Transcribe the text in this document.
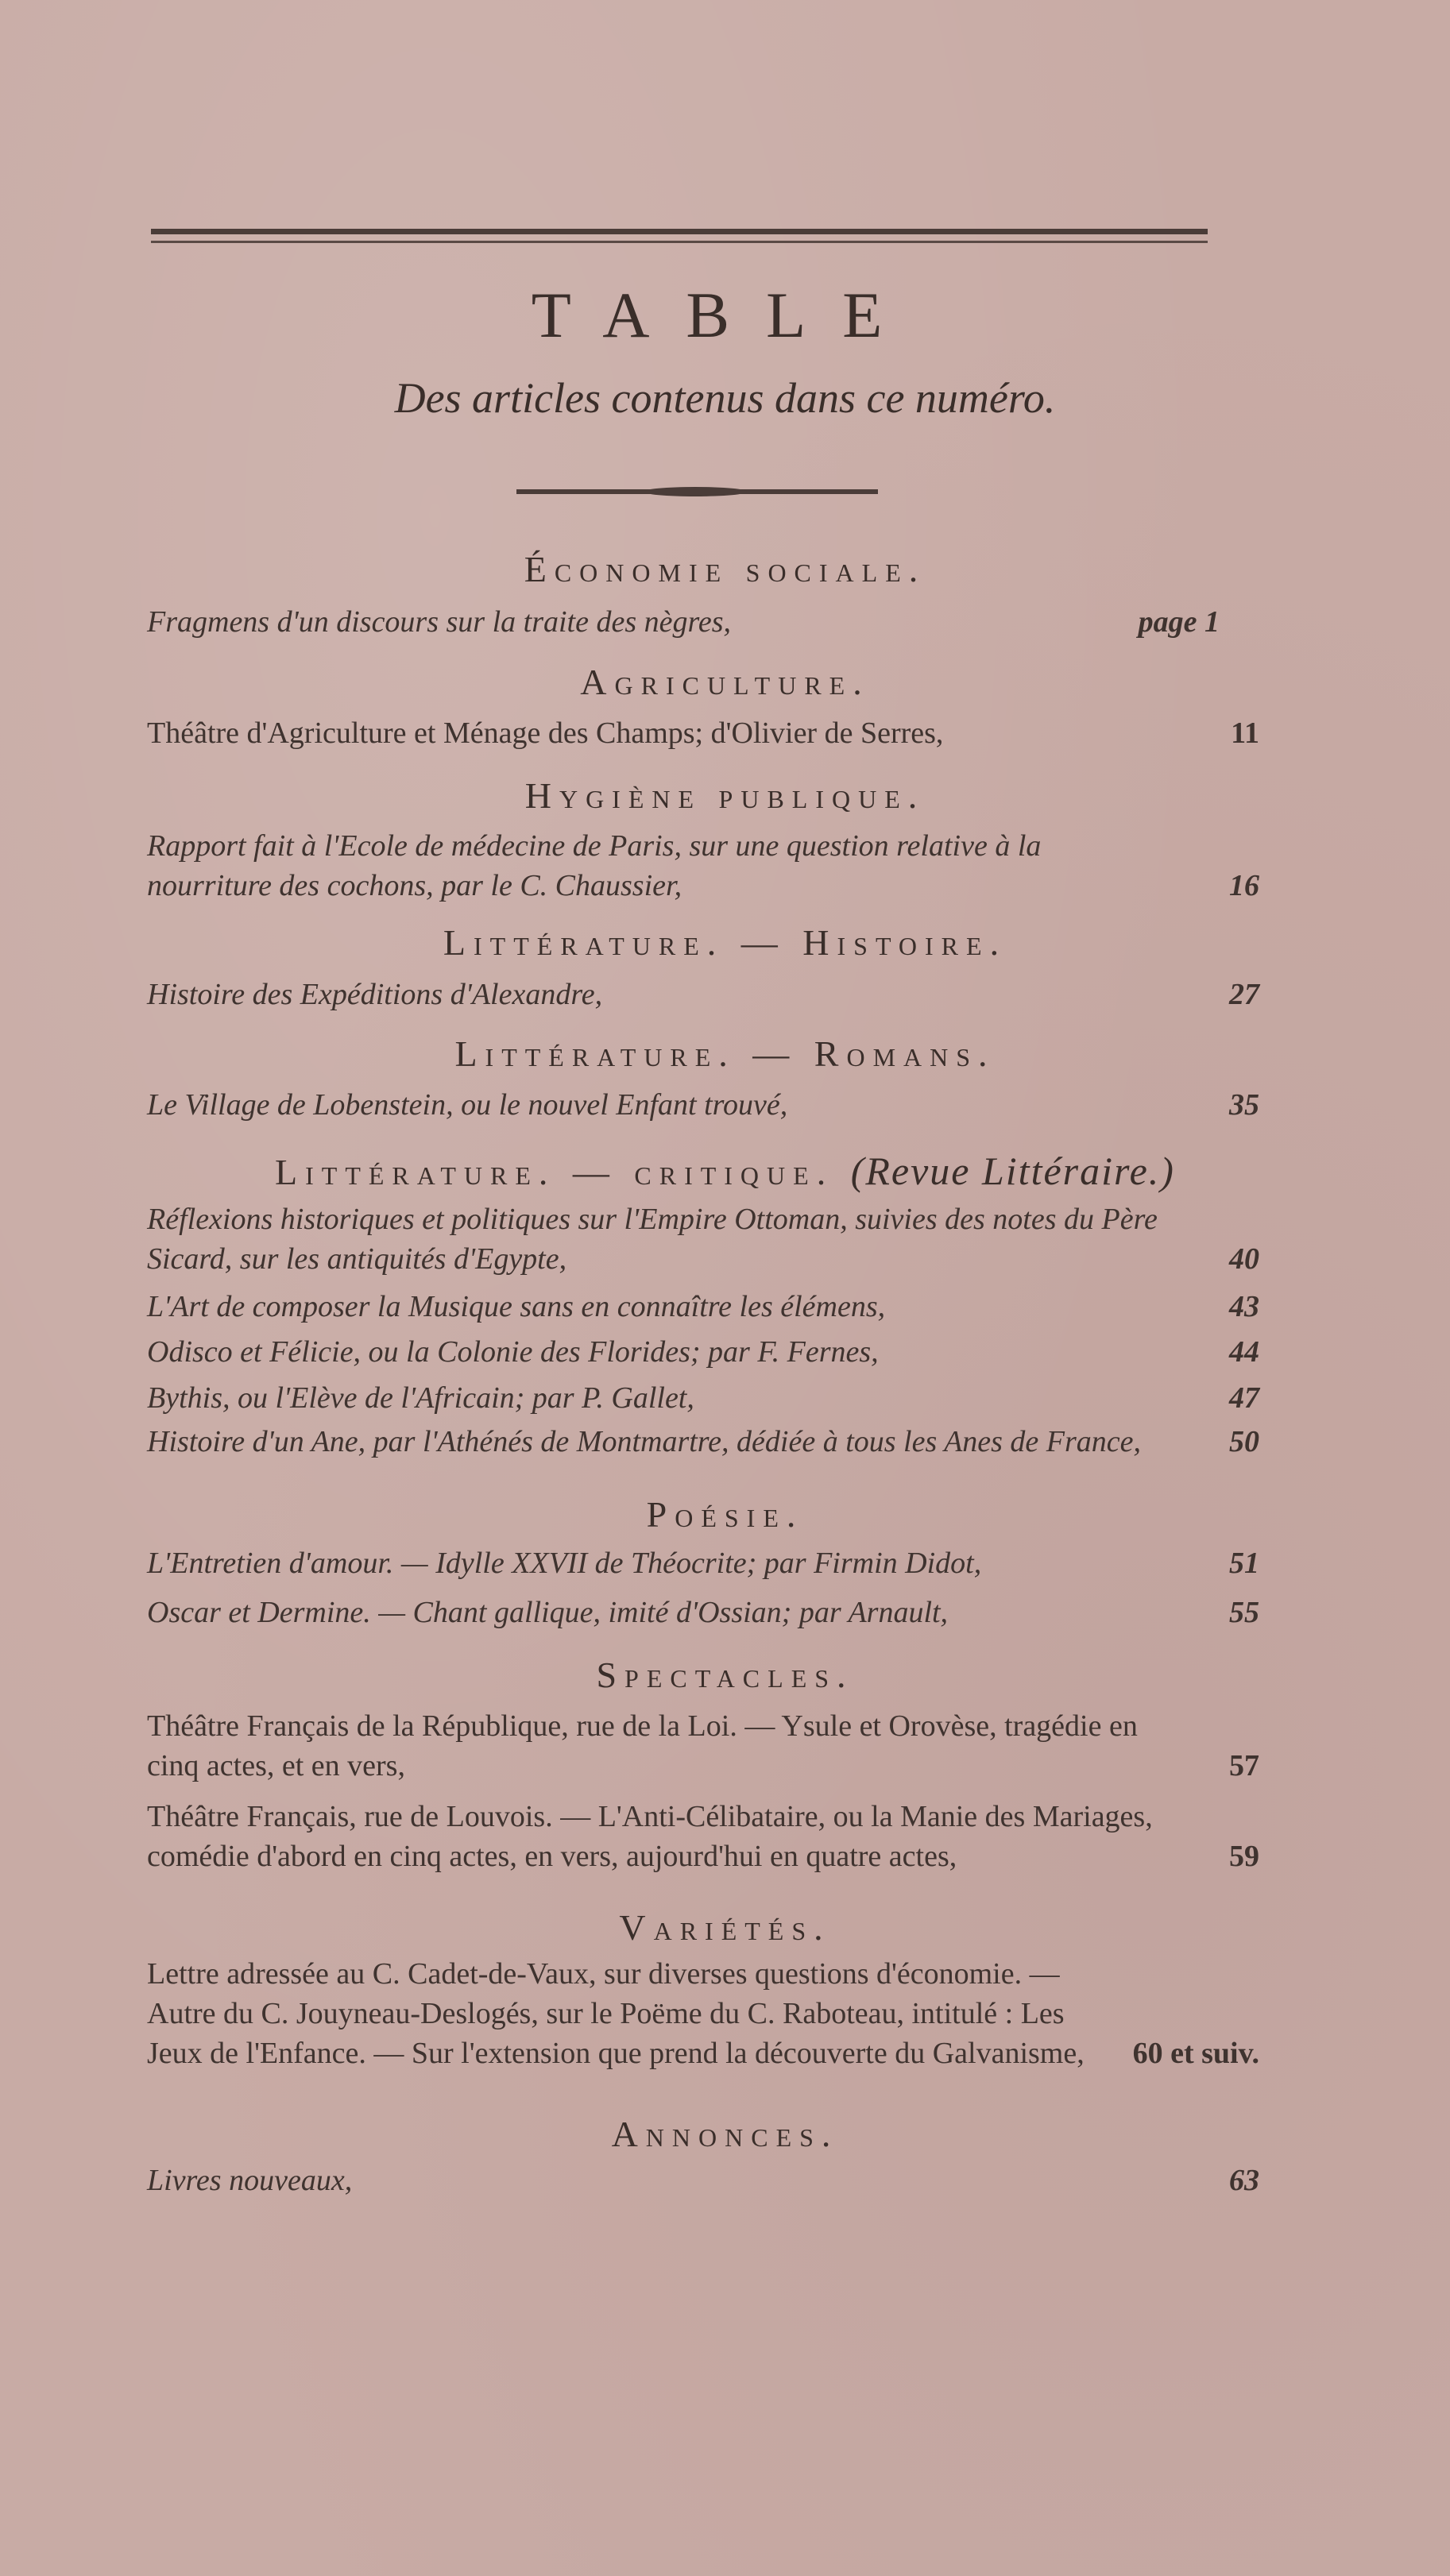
TABLE
Des articles contenus dans ce numéro.
Économie sociale.
Fragmens d'un discours sur la traite des nègres,	page 1
Agriculture.
Théâtre d'Agriculture et Ménage des Champs; d'Olivier de Serres,	11
Hygiène publique.
Rapport fait à l'Ecole de médecine de Paris, sur une question relative à la nourriture des cochons, par le C. Chaussier,	16
Littérature. — Histoire.
Histoire des Expéditions d'Alexandre,	27
Littérature. — Romans.
Le Village de Lobenstein, ou le nouvel Enfant trouvé,	35
Littérature. — critique. (Revue Littéraire.)
Réflexions historiques et politiques sur l'Empire Ottoman, suivies des notes du Père Sicard, sur les antiquités d'Egypte,	40
L'Art de composer la Musique sans en connaître les élémens,	43
Odisco et Félicie, ou la Colonie des Florides; par F. Fernes,	44
Bythis, ou l'Elève de l'Africain; par P. Gallet,	47
Histoire d'un Ane, par l'Athénés de Montmartre, dédiée à tous les Anes de France,	50
Poésie.
L'Entretien d'amour. — Idylle XXVII de Théocrite; par Firmin Didot,	51
Oscar et Dermine. — Chant gallique, imité d'Ossian; par Arnault,	55
Spectacles.
Théâtre Français de la République, rue de la Loi. — Ysule et Orovèse, tragédie en cinq actes, et en vers,	57
Théâtre Français, rue de Louvois. — L'Anti-Célibataire, ou la Manie des Mariages, comédie d'abord en cinq actes, en vers, aujourd'hui en quatre actes,	59
Variétés.
Lettre adressée au C. Cadet-de-Vaux, sur diverses questions d'économie. — Autre du C. Jouyneau-Deslogés, sur le Poëme du C. Raboteau, intitulé : Les Jeux de l'Enfance. — Sur l'extension que prend la découverte du Galvanisme,	60 et suiv.
Annonces.
Livres nouveaux,	63
